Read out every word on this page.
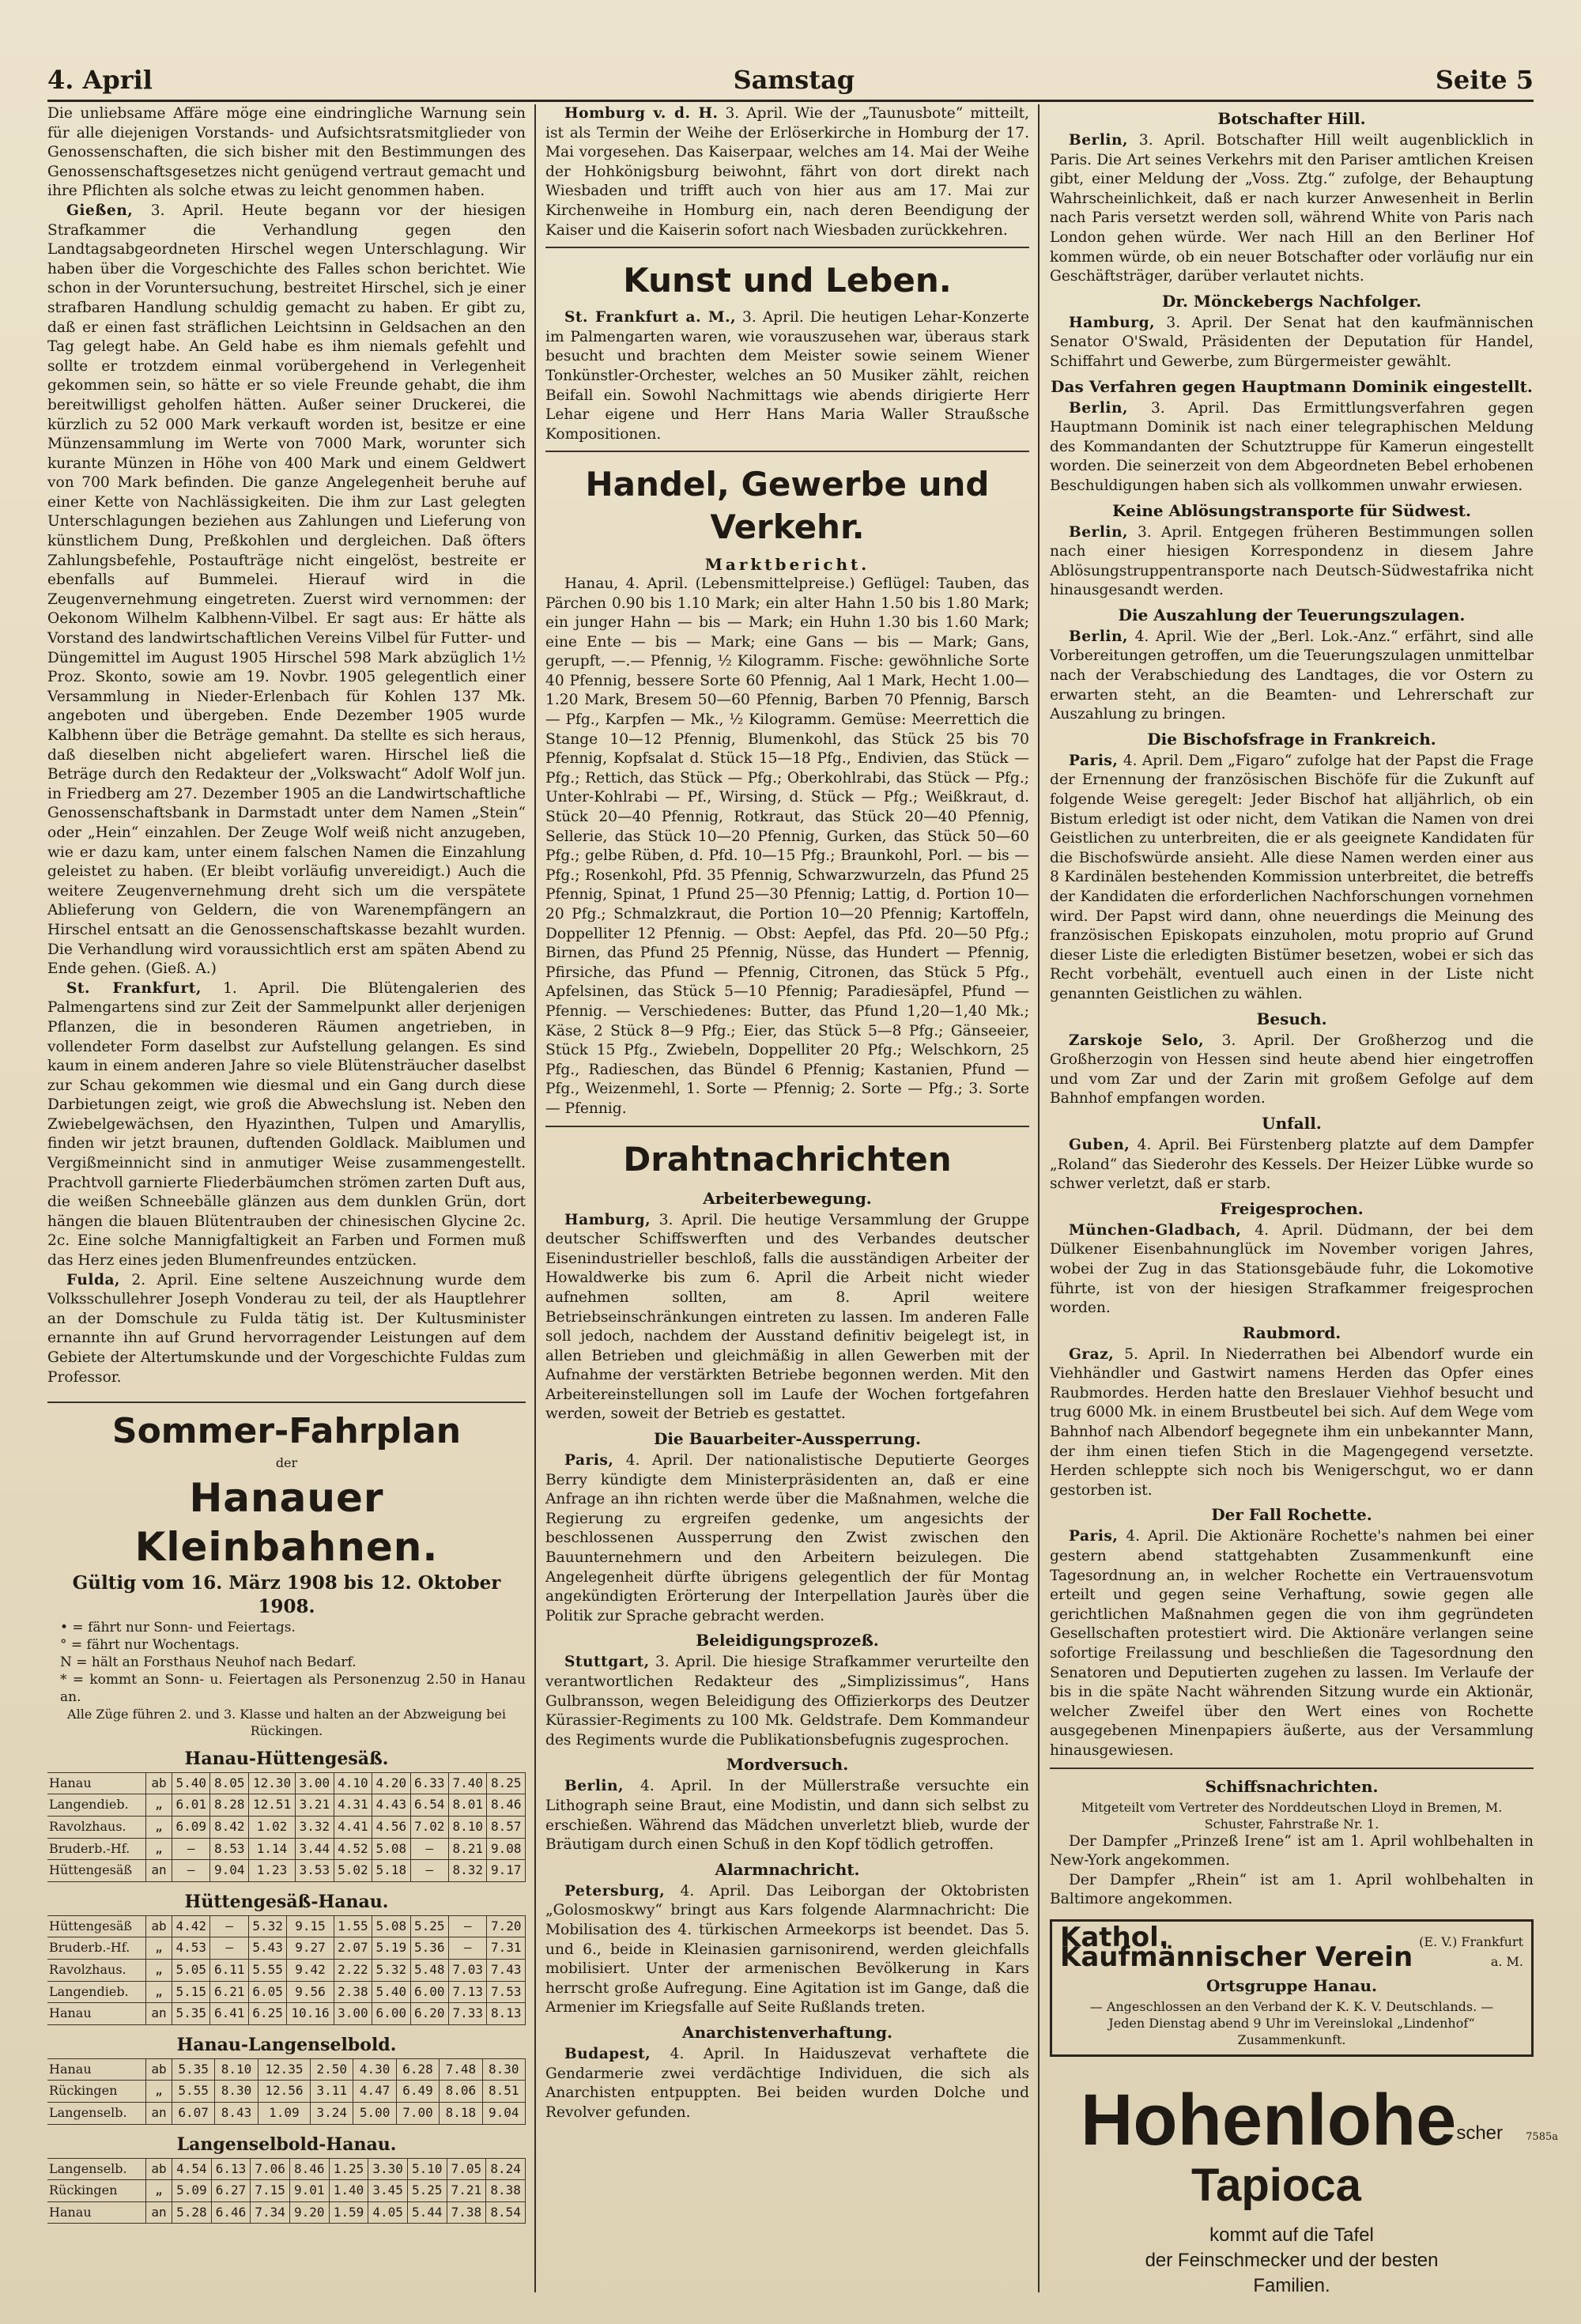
4. April	Samstag	Seite 5

Die unliebsame Affäre möge eine eindringliche Warnung sein für alle diejenigen Vorstands- und Aufsichtsratsmitglieder von Genossenschaften, die sich bisher mit den Bestimmungen des Genossenschaftsgesetzes nicht genügend vertraut gemacht und ihre Pflichten als solche etwas zu leicht genommen haben.

Gießen, 3. April. Heute begann vor der hiesigen Strafkammer die Verhandlung gegen den Landtagsabgeordneten Hirschel wegen Unterschlagung. Wir haben über die Vorgeschichte des Falles schon berichtet. Wie schon in der Voruntersuchung, bestreitet Hirschel, sich je einer strafbaren Handlung schuldig gemacht zu haben. Er gibt zu, daß er einen fast sträflichen Leichtsinn in Geldsachen an den Tag gelegt habe. An Geld habe es ihm niemals gefehlt und sollte er trotzdem einmal vorübergehend in Verlegenheit gekommen sein, so hätte er so viele Freunde gehabt, die ihm bereitwilligst geholfen hätten. Außer seiner Druckerei, die kürzlich zu 52 000 Mark verkauft worden ist, besitze er eine Münzensammlung im Werte von 7000 Mark, worunter sich kurante Münzen in Höhe von 400 Mark und einem Geldwert von 700 Mark befinden. Die ganze Angelegenheit beruhe auf einer Kette von Nachlässigkeiten. Die ihm zur Last gelegten Unterschlagungen beziehen aus Zahlungen und Lieferung von künstlichem Dung, Preßkohlen und dergleichen. Daß öfters Zahlungsbefehle, Postaufträge nicht eingelöst, bestreite er ebenfalls auf Bummelei. Hierauf wird in die Zeugenvernehmung eingetreten. Zuerst wird vernommen: der Oekonom Wilhelm Kalbhenn-Vilbel. Er sagt aus: Er hätte als Vorstand des landwirtschaftlichen Vereins Vilbel für Futter- und Düngemittel im August 1905 Hirschel 598 Mark abzüglich 1½ Proz. Skonto, sowie am 19. Novbr. 1905 gelegentlich einer Versammlung in Nieder-Erlenbach für Kohlen 137 Mk. angeboten und übergeben. Ende Dezember 1905 wurde Kalbhenn über die Beträge gemahnt. Da stellte es sich heraus, daß dieselben nicht abgeliefert waren. Hirschel ließ die Beträge durch den Redakteur der „Volkswacht“ Adolf Wolf jun. in Friedberg am 27. Dezember 1905 an die Landwirtschaftliche Genossenschaftsbank in Darmstadt unter dem Namen „Stein“ oder „Hein“ einzahlen. Der Zeuge Wolf weiß nicht anzugeben, wie er dazu kam, unter einem falschen Namen die Einzahlung geleistet zu haben. (Er bleibt vorläufig unvereidigt.) Auch die weitere Zeugenvernehmung dreht sich um die verspätete Ablieferung von Geldern, die von Warenempfängern an Hirschel entsatt an die Genossenschaftskasse bezahlt wurden. Die Verhandlung wird voraussichtlich erst am späten Abend zu Ende gehen. (Gieß. A.)

St. Frankfurt, 1. April. Die Blütengalerien des Palmengartens sind zur Zeit der Sammelpunkt aller derjenigen Pflanzen, die in besonderen Räumen angetrieben, in vollendeter Form daselbst zur Aufstellung gelangen. Es sind kaum in einem anderen Jahre so viele Blütensträucher daselbst zur Schau gekommen wie diesmal und ein Gang durch diese Darbietungen zeigt, wie groß die Abwechslung ist. Neben den Zwiebelgewächsen, den Hyazinthen, Tulpen und Amaryllis, finden wir jetzt braunen, duftenden Goldlack. Maiblumen und Vergißmeinnicht sind in anmutiger Weise zusammengestellt. Prachtvoll garnierte Fliederbäumchen strömen zarten Duft aus, die weißen Schneebälle glänzen aus dem dunklen Grün, dort hängen die blauen Blütentrauben der chinesischen Glycine 2c. 2c. Eine solche Mannigfaltigkeit an Farben und Formen muß das Herz eines jeden Blumenfreundes entzücken.

Fulda, 2. April. Eine seltene Auszeichnung wurde dem Volksschullehrer Joseph Vonderau zu teil, der als Hauptlehrer an der Domschule zu Fulda tätig ist. Der Kultusminister ernannte ihn auf Grund hervorragender Leistungen auf dem Gebiete der Altertumskunde und der Vorgeschichte Fuldas zum Professor.

Sommer-Fahrplan
der
Hanauer Kleinbahnen.
Gültig vom 16. März 1908 bis 12. Oktober 1908.
• = fährt nur Sonn- und Feiertags.
° = fährt nur Wochentags.
N = hält an Forsthaus Neuhof nach Bedarf.
* = kommt an Sonn- u. Feiertagen als Personenzug 2.50 in Hanau an.
Alle Züge führen 2. und 3. Klasse und halten an der Abzweigung bei Rückingen.
Hanau-Hüttengesäß.
Hanau	ab	5.40	8.05	12.30	3.00	4.10	4.20	6.33	7.40	8.25
Langendieb.	„	6.01	8.28	12.51	3.21	4.31	4.43	6.54	8.01	8.46
Ravolzhaus.	„	6.09	8.42	1.02	3.32	4.41	4.56	7.02	8.10	8.57
Bruderb.-Hf.	„	—	8.53	1.14	3.44	4.52	5.08	—	8.21	9.08
Hüttengesäß	an	—	9.04	1.23	3.53	5.02	5.18	—	8.32	9.17
Hüttengesäß-Hanau.
Hüttengesäß	ab	4.42	—	5.32	9.15	1.55	5.08	5.25	—	7.20
Bruderb.-Hf.	„	4.53	—	5.43	9.27	2.07	5.19	5.36	—	7.31
Ravolzhaus.	„	5.05	6.11	5.55	9.42	2.22	5.32	5.48	7.03	7.43
Langendieb.	„	5.15	6.21	6.05	9.56	2.38	5.40	6.00	7.13	7.53
Hanau	an	5.35	6.41	6.25	10.16	3.00	6.00	6.20	7.33	8.13
Hanau-Langenselbold.
Hanau	ab	5.35	8.10	12.35	2.50	4.30	6.28	7.48	8.30
Rückingen	„	5.55	8.30	12.56	3.11	4.47	6.49	8.06	8.51
Langenselb.	an	6.07	8.43	1.09	3.24	5.00	7.00	8.18	9.04
Langenselbold-Hanau.
Langenselb.	ab	4.54	6.13	7.06	8.46	1.25	3.30	5.10	7.05	8.24
Rückingen	„	5.09	6.27	7.15	9.01	1.40	3.45	5.25	7.21	8.38
Hanau	an	5.28	6.46	7.34	9.20	1.59	4.05	5.44	7.38	8.54

Homburg v. d. H. 3. April. Wie der „Taunusbote“ mitteilt, ist als Termin der Weihe der Erlöserkirche in Homburg der 17. Mai vorgesehen. Das Kaiserpaar, welches am 14. Mai der Weihe der Hohkönigsburg beiwohnt, fährt von dort direkt nach Wiesbaden und trifft auch von hier aus am 17. Mai zur Kirchenweihe in Homburg ein, nach deren Beendigung der Kaiser und die Kaiserin sofort nach Wiesbaden zurückkehren.

Kunst und Leben.

St. Frankfurt a. M., 3. April. Die heutigen Lehar-Konzerte im Palmengarten waren, wie vorauszusehen war, überaus stark besucht und brachten dem Meister sowie seinem Wiener Tonkünstler-Orchester, welches an 50 Musiker zählt, reichen Beifall ein. Sowohl Nachmittags wie abends dirigierte Herr Lehar eigene und Herr Hans Maria Waller Straußsche Kompositionen.

Handel, Gewerbe und Verkehr.
Marktbericht.

Hanau, 4. April. (Lebensmittelpreise.) Geflügel: Tauben, das Pärchen 0.90 bis 1.10 Mark; ein alter Hahn 1.50 bis 1.80 Mark; ein junger Hahn — bis — Mark; ein Huhn 1.30 bis 1.60 Mark; eine Ente — bis — Mark; eine Gans — bis — Mark; Gans, gerupft, —.— Pfennig, ½ Kilogramm. Fische: gewöhnliche Sorte 40 Pfennig, bessere Sorte 60 Pfennig, Aal 1 Mark, Hecht 1.00—1.20 Mark, Bresem 50—60 Pfennig, Barben 70 Pfennig, Barsch — Pfg., Karpfen — Mk., ½ Kilogramm. Gemüse: Meerrettich die Stange 10—12 Pfennig, Blumenkohl, das Stück 25 bis 70 Pfennig, Kopfsalat d. Stück 15—18 Pfg., Endivien, das Stück — Pfg.; Rettich, das Stück — Pfg.; Oberkohlrabi, das Stück — Pfg.; Unter-Kohlrabi — Pf., Wirsing, d. Stück — Pfg.; Weißkraut, d. Stück 20—40 Pfennig, Rotkraut, das Stück 20—40 Pfennig, Sellerie, das Stück 10—20 Pfennig, Gurken, das Stück 50—60 Pfg.; gelbe Rüben, d. Pfd. 10—15 Pfg.; Braunkohl, Porl. — bis — Pfg.; Rosenkohl, Pfd. 35 Pfennig, Schwarzwurzeln, das Pfund 25 Pfennig, Spinat, 1 Pfund 25—30 Pfennig; Lattig, d. Portion 10—20 Pfg.; Schmalzkraut, die Portion 10—20 Pfennig; Kartoffeln, Doppelliter 12 Pfennig. — Obst: Aepfel, das Pfd. 20—50 Pfg.; Birnen, das Pfund 25 Pfennig, Nüsse, das Hundert — Pfennig, Pfirsiche, das Pfund — Pfennig, Citronen, das Stück 5 Pfg., Apfelsinen, das Stück 5—10 Pfennig; Paradiesäpfel, Pfund — Pfennig. — Verschiedenes: Butter, das Pfund 1,20—1,40 Mk.; Käse, 2 Stück 8—9 Pfg.; Eier, das Stück 5—8 Pfg.; Gänseeier, Stück 15 Pfg., Zwiebeln, Doppelliter 20 Pfg.; Welschkorn, 25 Pfg., Radieschen, das Bündel 6 Pfennig; Kastanien, Pfund — Pfg., Weizenmehl, 1. Sorte — Pfennig; 2. Sorte — Pfg.; 3. Sorte — Pfennig.

Drahtnachrichten
Arbeiterbewegung.

Hamburg, 3. April. Die heutige Versammlung der Gruppe deutscher Schiffswerften und des Verbandes deutscher Eisenindustrieller beschloß, falls die ausständigen Arbeiter der Howaldwerke bis zum 6. April die Arbeit nicht wieder aufnehmen sollten, am 8. April weitere Betriebseinschränkungen eintreten zu lassen. Im anderen Falle soll jedoch, nachdem der Ausstand definitiv beigelegt ist, in allen Betrieben und gleichmäßig in allen Gewerben mit der Aufnahme der verstärkten Betriebe begonnen werden. Mit den Arbeitereinstellungen soll im Laufe der Wochen fortgefahren werden, soweit der Betrieb es gestattet.

Die Bauarbeiter-Aussperrung.

Paris, 4. April. Der nationalistische Deputierte Georges Berry kündigte dem Ministerpräsidenten an, daß er eine Anfrage an ihn richten werde über die Maßnahmen, welche die Regierung zu ergreifen gedenke, um angesichts der beschlossenen Aussperrung den Zwist zwischen den Bauunternehmern und den Arbeitern beizulegen. Die Angelegenheit dürfte übrigens gelegentlich der für Montag angekündigten Erörterung der Interpellation Jaurès über die Politik zur Sprache gebracht werden.

Beleidigungsprozeß.

Stuttgart, 3. April. Die hiesige Strafkammer verurteilte den verantwortlichen Redakteur des „Simplizissimus“, Hans Gulbransson, wegen Beleidigung des Offizierkorps des Deutzer Kürassier-Regiments zu 100 Mk. Geldstrafe. Dem Kommandeur des Regiments wurde die Publikationsbefugnis zugesprochen.

Mordversuch.

Berlin, 4. April. In der Müllerstraße versuchte ein Lithograph seine Braut, eine Modistin, und dann sich selbst zu erschießen. Während das Mädchen unverletzt blieb, wurde der Bräutigam durch einen Schuß in den Kopf tödlich getroffen.

Alarmnachricht.

Petersburg, 4. April. Das Leiborgan der Oktobristen „Golosmoskwy“ bringt aus Kars folgende Alarmnachricht: Die Mobilisation des 4. türkischen Armeekorps ist beendet. Das 5. und 6., beide in Kleinasien garnisonirend, werden gleichfalls mobilisiert. Unter der armenischen Bevölkerung in Kars herrscht große Aufregung. Eine Agitation ist im Gange, daß die Armenier im Kriegsfalle auf Seite Rußlands treten.

Anarchistenverhaftung.

Budapest, 4. April. In Haiduszevat verhaftete die Gendarmerie zwei verdächtige Individuen, die sich als Anarchisten entpuppten. Bei beiden wurden Dolche und Revolver gefunden.

Botschafter Hill.

Berlin, 3. April. Botschafter Hill weilt augenblicklich in Paris. Die Art seines Verkehrs mit den Pariser amtlichen Kreisen gibt, einer Meldung der „Voss. Ztg.“ zufolge, der Behauptung Wahrscheinlichkeit, daß er nach kurzer Anwesenheit in Berlin nach Paris versetzt werden soll, während White von Paris nach London gehen würde. Wer nach Hill an den Berliner Hof kommen würde, ob ein neuer Botschafter oder vorläufig nur ein Geschäftsträger, darüber verlautet nichts.

Dr. Mönckebergs Nachfolger.

Hamburg, 3. April. Der Senat hat den kaufmännischen Senator O'Swald, Präsidenten der Deputation für Handel, Schiffahrt und Gewerbe, zum Bürgermeister gewählt.

Das Verfahren gegen Hauptmann Dominik eingestellt.

Berlin, 3. April. Das Ermittlungsverfahren gegen Hauptmann Dominik ist nach einer telegraphischen Meldung des Kommandanten der Schutztruppe für Kamerun eingestellt worden. Die seinerzeit von dem Abgeordneten Bebel erhobenen Beschuldigungen haben sich als vollkommen unwahr erwiesen.

Keine Ablösungstransporte für Südwest.

Berlin, 3. April. Entgegen früheren Bestimmungen sollen nach einer hiesigen Korrespondenz in diesem Jahre Ablösungstruppentransporte nach Deutsch-Südwestafrika nicht hinausgesandt werden.

Die Auszahlung der Teuerungszulagen.

Berlin, 4. April. Wie der „Berl. Lok.-Anz.“ erfährt, sind alle Vorbereitungen getroffen, um die Teuerungszulagen unmittelbar nach der Verabschiedung des Landtages, die vor Ostern zu erwarten steht, an die Beamten- und Lehrerschaft zur Auszahlung zu bringen.

Die Bischofsfrage in Frankreich.

Paris, 4. April. Dem „Figaro“ zufolge hat der Papst die Frage der Ernennung der französischen Bischöfe für die Zukunft auf folgende Weise geregelt: Jeder Bischof hat alljährlich, ob ein Bistum erledigt ist oder nicht, dem Vatikan die Namen von drei Geistlichen zu unterbreiten, die er als geeignete Kandidaten für die Bischofswürde ansieht. Alle diese Namen werden einer aus 8 Kardinälen bestehenden Kommission unterbreitet, die betreffs der Kandidaten die erforderlichen Nachforschungen vornehmen wird. Der Papst wird dann, ohne neuerdings die Meinung des französischen Episkopats einzuholen, motu proprio auf Grund dieser Liste die erledigten Bistümer besetzen, wobei er sich das Recht vorbehält, eventuell auch einen in der Liste nicht genannten Geistlichen zu wählen.

Besuch.

Zarskoje Selo, 3. April. Der Großherzog und die Großherzogin von Hessen sind heute abend hier eingetroffen und vom Zar und der Zarin mit großem Gefolge auf dem Bahnhof empfangen worden.

Unfall.

Guben, 4. April. Bei Fürstenberg platzte auf dem Dampfer „Roland“ das Siederohr des Kessels. Der Heizer Lübke wurde so schwer verletzt, daß er starb.

Freigesprochen.

München-Gladbach, 4. April. Düdmann, der bei dem Dülkener Eisenbahnunglück im November vorigen Jahres, wobei der Zug in das Stationsgebäude fuhr, die Lokomotive führte, ist von der hiesigen Strafkammer freigesprochen worden.

Raubmord.

Graz, 5. April. In Niederrathen bei Albendorf wurde ein Viehhändler und Gastwirt namens Herden das Opfer eines Raubmordes. Herden hatte den Breslauer Viehhof besucht und trug 6000 Mk. in einem Brustbeutel bei sich. Auf dem Wege vom Bahnhof nach Albendorf begegnete ihm ein unbekannter Mann, der ihm einen tiefen Stich in die Magengegend versetzte. Herden schleppte sich noch bis Wenigerschgut, wo er dann gestorben ist.

Der Fall Rochette.

Paris, 4. April. Die Aktionäre Rochette's nahmen bei einer gestern abend stattgehabten Zusammenkunft eine Tagesordnung an, in welcher Rochette ein Vertrauensvotum erteilt und gegen seine Verhaftung, sowie gegen alle gerichtlichen Maßnahmen gegen die von ihm gegründeten Gesellschaften protestiert wird. Die Aktionäre verlangen seine sofortige Freilassung und beschließen die Tagesordnung den Senatoren und Deputierten zugehen zu lassen. Im Verlaufe der bis in die späte Nacht währenden Sitzung wurde ein Aktionär, welcher Zweifel über den Wert eines von Rochette ausgegebenen Minenpapiers äußerte, aus der Versammlung hinausgewiesen.

Schiffsnachrichten.
Mitgeteilt vom Vertreter des Norddeutschen Lloyd in Bremen, M. Schuster, Fahrstraße Nr. 1.

Der Dampfer „Prinzeß Irene“ ist am 1. April wohlbehalten in New-York angekommen.

Der Dampfer „Rhein“ ist am 1. April wohlbehalten in Baltimore angekommen.

Kathol. Kaufmännischer Verein (E. V.) Frankfurt a. M.
Ortsgruppe Hanau.
— Angeschlossen an den Verband der K. K. V. Deutschlands. —
Jeden Dienstag abend 9 Uhr im Vereinslokal „Lindenhof“ Zusammenkunft.
Hohenlohescher
Tapioca
7585a
kommt auf die Tafel
der Feinschmecker und der besten
Familien.
